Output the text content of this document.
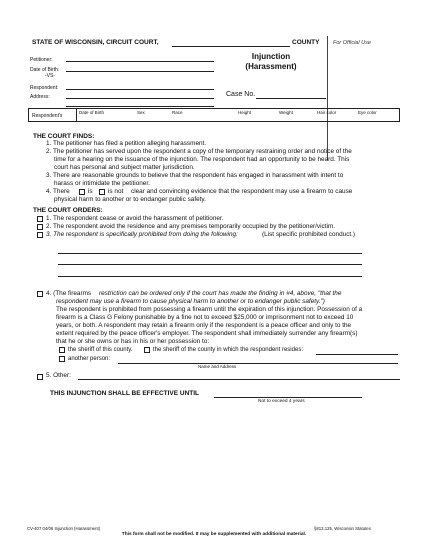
STATE OF WISCONSIN, CIRCUIT COURT,	COUNTY For Official Use
Petitioner:
Date of Birth:
-VS-
Respondent:
Address:
Injunction
(Harassment)
Case No.
Respondent's
Date of Birth	Sex	Race	Height	Weight	Hair color	Eye color
THE COURT FINDS:
1. The petitioner has filed a petition alleging harassment.
2. The petitioner has served upon the respondent a copy of the temporary restraining order and notice of the
time for a hearing on the issuance of the injunction. The respondent had an opportunity to be heard. This
court has personal and subject matter jurisdiction.
3. There are reasonable grounds to believe that the respondent has engaged in harassment with intent to
harass or intimidate the petitioner.
4. There	is is not clear and convincing evidence that the respondent may use a firearm to cause
physical harm to another or to endanger public safety.
THE COURT ORDERS:
1. The respondent cease or avoid the harassment of petitioner.
2. The respondent avoid the residence and any premises temporarily occupied by the petitioner/victim.
3. The respondent is specifically prohibited from doing the following:	(List specific prohibited conduct.)
4. (The firearms restriction can be ordered only if the court has made the finding in #4, above, "that the
respondent may use a firearm to cause physical harm to another or to endanger public safety.")
The respondent is prohibited from possessing a firearm until the expiration of this injunction. Possession of a
firearm is a Class G Felony punishable by a fine not to exceed $25,000 or imprisonment not to exceed 10
years, or both. A respondent may retain a firearm only if the respondent is a peace officer and only to the
extent required by the peace officer's employer. The respondent shall immediately surrender any firearm(s)
that he or she owns or has in his or her possession to:
the sheriff of this county.	the sheriff of the county in which the respondent resides:
another person:
Name and Address
5. Other:
THIS INJUNCTION SHALL BE EFFECTIVE UNTIL
Not to exceed 4 years
CV-407 04/06 Injunction (Harassment)	§813.125, Wisconsin Statutes
This form shall not be modified. It may be supplemented with additional material.
